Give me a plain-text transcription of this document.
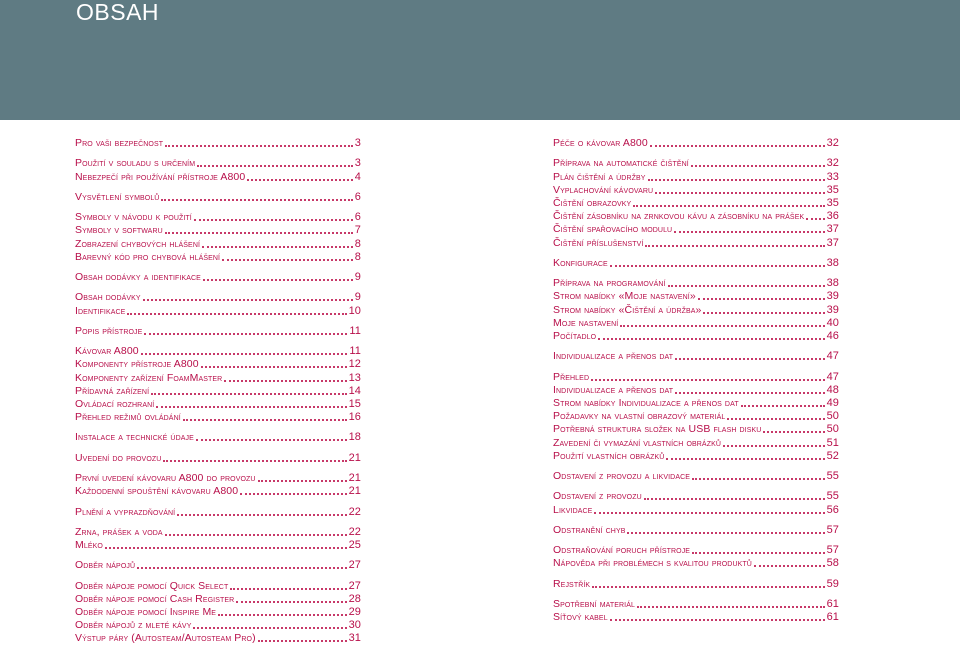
OBSAH
Pro vaši bezpečnost	3
Použití v souladu s určením	3
Nebezpečí při používání přístroje A800	4
Vysvětlení symbolů	6
Symboly v návodu k použití	6
Symboly v softwaru	7
Zobrazení chybových hlášení	8
Barevný kód pro chybová hlášení	8
Obsah dodávky a identifikace	9
Obsah dodávky	9
Identifikace	10
Popis přístroje	11
Kávovar A800	11
Komponenty přístroje A800	12
Komponenty zařízení FoamMaster	13
Přídavná zařízení	14
Ovládací rozhraní	15
Přehled režimů ovládání	16
Instalace a technické údaje	18
Uvedení do provozu	21
První uvedení kávovaru A800 do provozu	21
Každodenní spouštění kávovaru A800	21
Plnění a vyprazdňování	22
Zrna, prášek a voda	22
Mléko	25
Odběr nápojů	27
Odběr nápoje pomocí Quick Select	27
Odběr nápoje pomocí Cash Register	28
Odběr nápoje pomocí Inspire Me	29
Odběr nápojů z mleté kávy	30
Výstup páry (Autosteam/Autosteam Pro)	31
Péče o kávovar A800	32
Příprava na automatické čištění	32
Plán čištění a údržby	33
Vyplachování kávovaru	35
Čištění obrazovky	35
Čištění zásobníku na zrnkovou kávu a zásobníku na prášek 36
Čištění spařovacího modulu	37
Čištění příslušenství	37
Konfigurace	38
Příprava na programování	38
Strom nabídky «Moje nastavení»	39
Strom nabídky «Čištění a údržba»	39
Moje nastavení	40
Počítadlo	46
Individualizace a přenos dat	47
Přehled	47
Individualizace a přenos dat	48
Strom nabídky Individualizace a přenos dat	49
Požadavky na vlastní obrazový materiál	50
Potřebná struktura složek na USB flash disku	50
Zavedení či vymazání vlastních obrázků	51
Použití vlastních obrázků	52
Odstavení z provozu a likvidace	55
Odstavení z provozu	55
Likvidace	56
Odstranění chyb	57
Odstraňování poruch přístroje	57
Nápověda při problémech s kvalitou produktů	58
Rejstřík	59
Spotřební materiál	61
Síťový kabel	61
